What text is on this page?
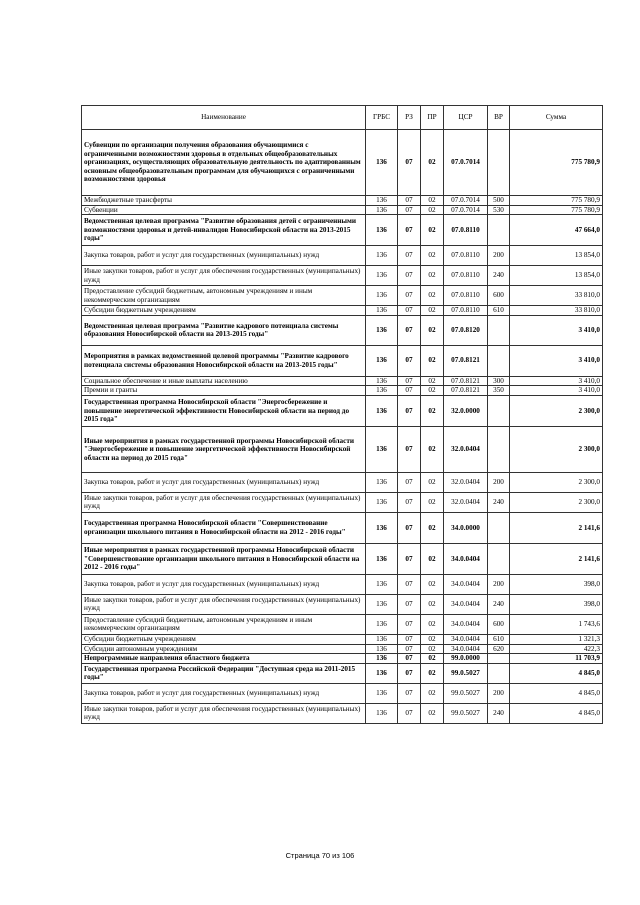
Наименование	ГРБС	РЗ	ПР	ЦСР	ВР	Сумма
Субвенции по организации получения образования обучающимися с ограниченными возможностями здоровья в отдельных общеобразовательных организациях, осуществляющих образовательную деятельность по адаптированным основным общеобразовательным программам для обучающихся с ограниченными возможностями здоровья	136	07	02	07.0.7014		775 780,9
Межбюджетные трансферты	136	07	02	07.0.7014	500	775 780,9
Субвенции	136	07	02	07.0.7014	530	775 780,9
Ведомственная целевая программа "Развитие образования детей с ограниченными возможностями здоровья и детей-инвалидов Новосибирской области на 2013-2015 годы"	136	07	02	07.0.8110		47 664,0
Закупка товаров, работ и услуг для государственных (муниципальных) нужд	136	07	02	07.0.8110	200	13 854,0
Иные закупки товаров, работ и услуг для обеспечения государственных (муниципальных) нужд	136	07	02	07.0.8110	240	13 854,0
Предоставление субсидий бюджетным, автономным учреждениям и иным некоммерческим организациям	136	07	02	07.0.8110	600	33 810,0
Субсидии бюджетным учреждениям	136	07	02	07.0.8110	610	33 810,0
Ведомственная целевая программа "Развитие кадрового потенциала системы образования Новосибирской области на 2013-2015 годы"	136	07	02	07.0.8120		3 410,0
Мероприятия в рамках ведомственной целевой программы "Развитие кадрового потенциала системы образования Новосибирской области на 2013-2015 годы"	136	07	02	07.0.8121		3 410,0
Социальное обеспечение и иные выплаты населению	136	07	02	07.0.8121	300	3 410,0
Премии и гранты	136	07	02	07.0.8121	350	3 410,0
Государственная программа Новосибирской области "Энергосбережение и повышение энергетической эффективности Новосибирской области на период до 2015 года"	136	07	02	32.0.0000		2 300,0
Иные мероприятия в рамках государственной программы Новосибирской области "Энергосбережение и повышение энергетической эффективности Новосибирской области на период до 2015 года"	136	07	02	32.0.0404		2 300,0
Закупка товаров, работ и услуг для государственных (муниципальных) нужд	136	07	02	32.0.0404	200	2 300,0
Иные закупки товаров, работ и услуг для обеспечения государственных (муниципальных) нужд	136	07	02	32.0.0404	240	2 300,0
Государственная программа Новосибирской области "Совершенствование организации школьного питания в Новосибирской области на 2012 - 2016 годы"	136	07	02	34.0.0000		2 141,6
Иные мероприятия в рамках государственной программы Новосибирской области "Совершенствование организации школьного питания в Новосибирской области на 2012 - 2016 годы"	136	07	02	34.0.0404		2 141,6
Закупка товаров, работ и услуг для государственных (муниципальных) нужд	136	07	02	34.0.0404	200	398,0
Иные закупки товаров, работ и услуг для обеспечения государственных (муниципальных) нужд	136	07	02	34.0.0404	240	398,0
Предоставление субсидий бюджетным, автономным учреждениям и иным некоммерческим организациям	136	07	02	34.0.0404	600	1 743,6
Субсидии бюджетным учреждениям	136	07	02	34.0.0404	610	1 321,3
Субсидии автономным учреждениям	136	07	02	34.0.0404	620	422,3
Непрограммные направления областного бюджета	136	07	02	99.0.0000		11 703,9
Государственная программа Российской Федерации "Доступная среда на 2011-2015 годы"	136	07	02	99.0.5027		4 845,0
Закупка товаров, работ и услуг для государственных (муниципальных) нужд	136	07	02	99.0.5027	200	4 845,0
Иные закупки товаров, работ и услуг для обеспечения государственных (муниципальных) нужд	136	07	02	99.0.5027	240	4 845,0
Страница 70 из 106
